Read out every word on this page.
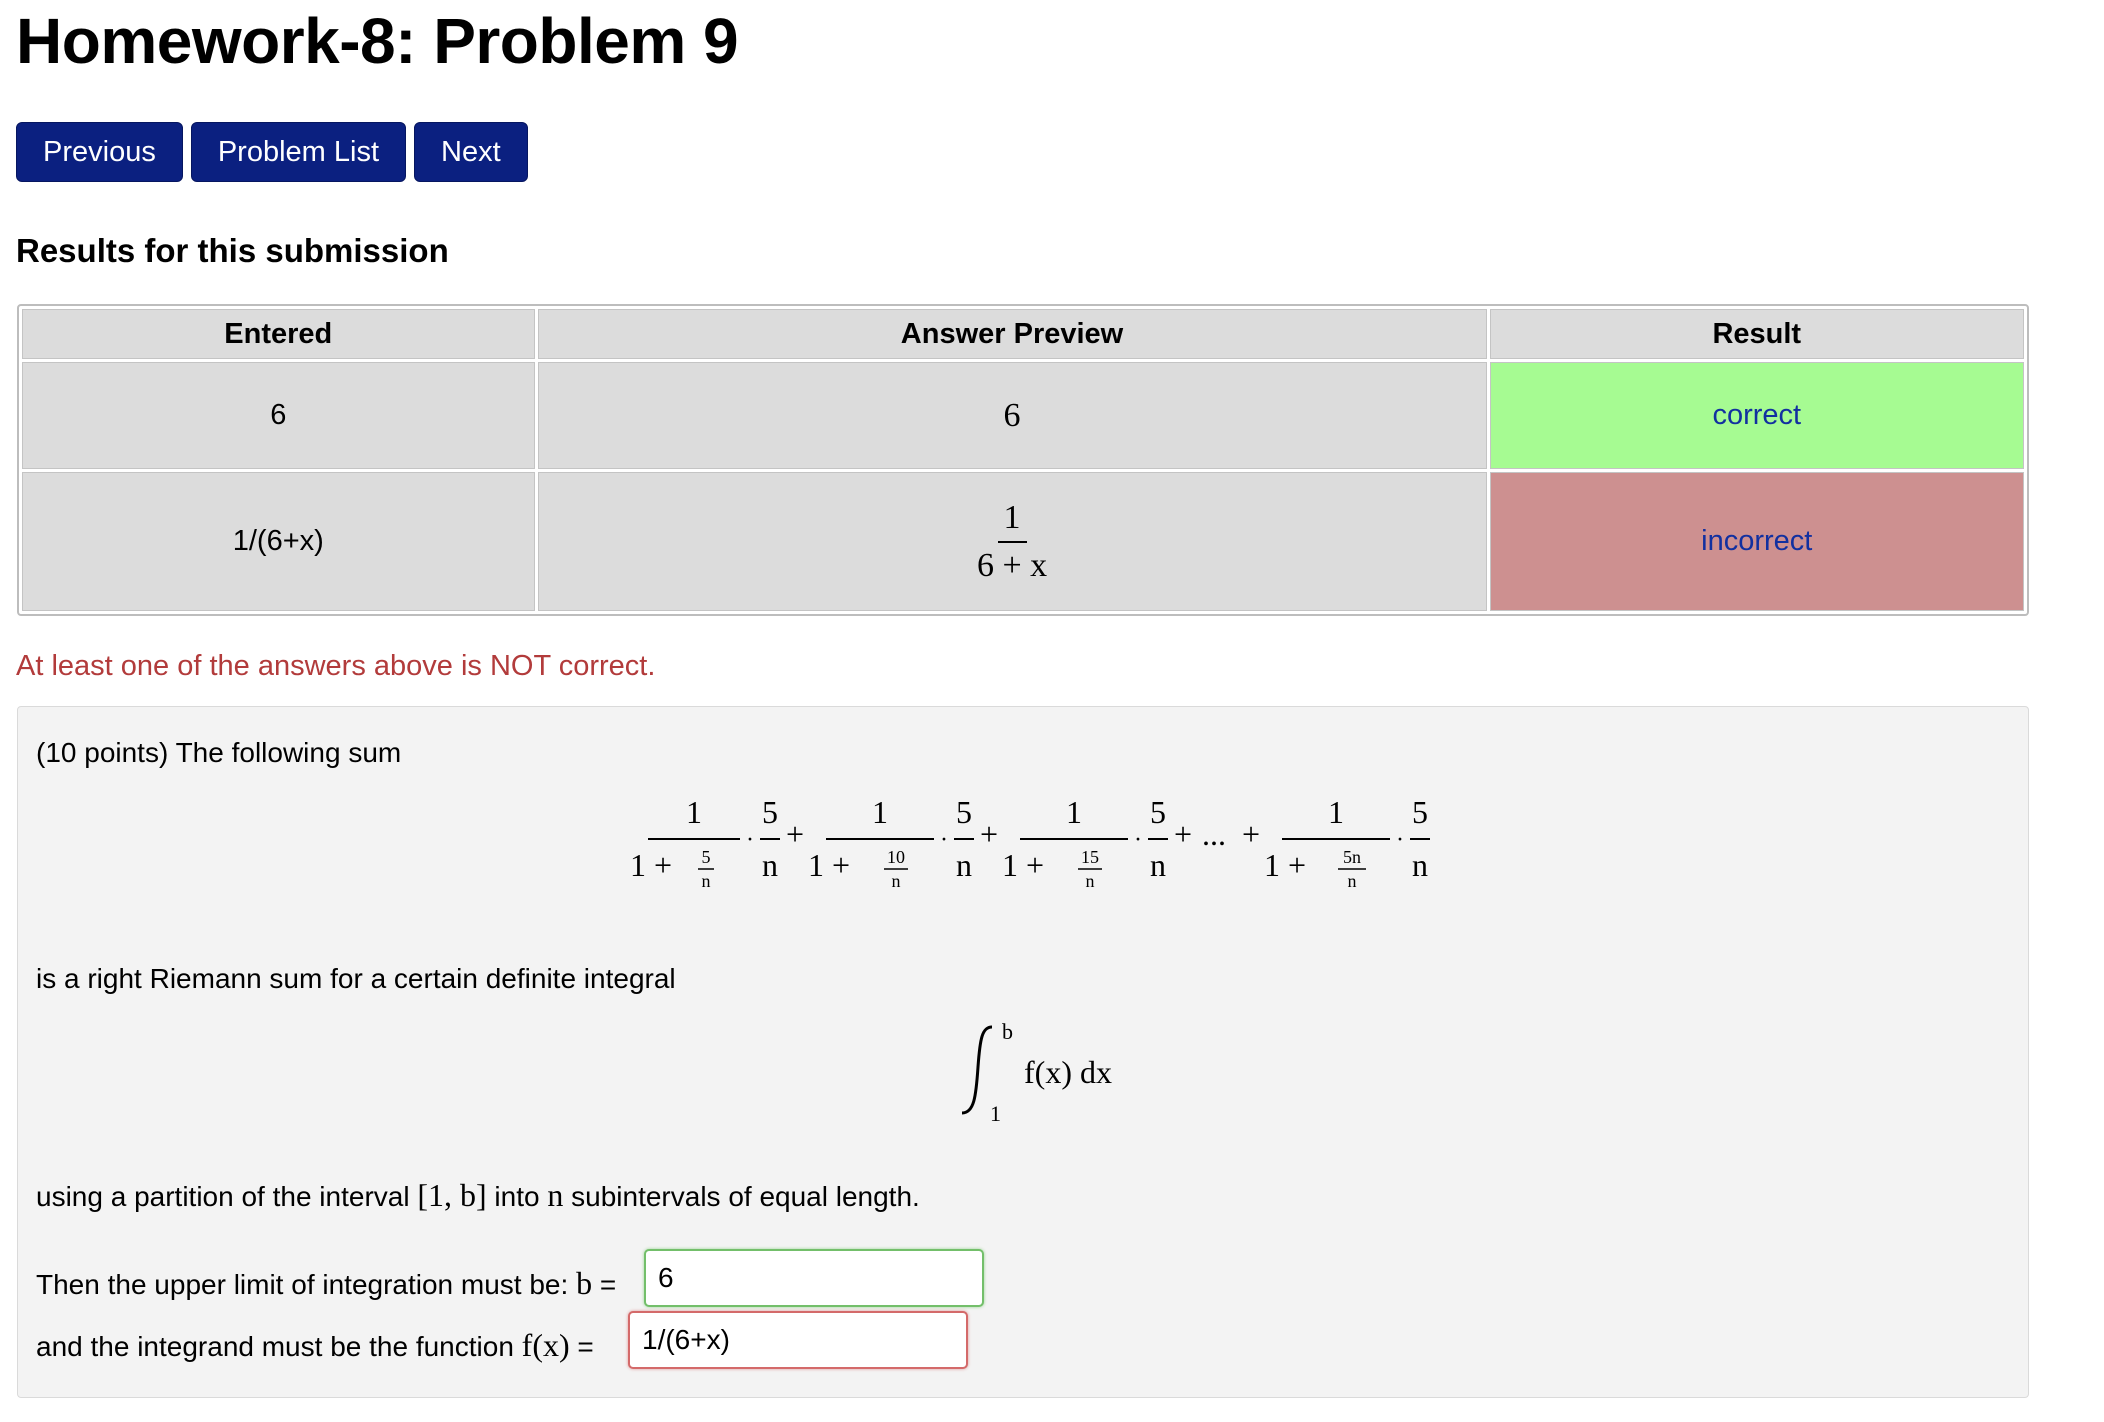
Homework-8: Problem 9
Previous	Problem List	Next
Results for this submission
Entered	Answer Preview	Result
6	6	correct
1/(6+x)	$\frac{1}{6 + x}$	incorrect
At least one of the answers above is NOT correct.
(10 points) The following sum
1
1 + 5
n
·
5
n
+
1
1 + 10
n
·
5
n
+
1
1 + 15
n
·
5
n
+ ... +
1
1 + 5n
n
·
5
n
is a right Riemann sum for a certain definite integral
b
1
f(x) dx
using a partition of the interval [1, b] into n subintervals of equal length.
Then the upper limit of integration must be: b =	6
and the integrand must be the function f(x) =	1/(6+x)
